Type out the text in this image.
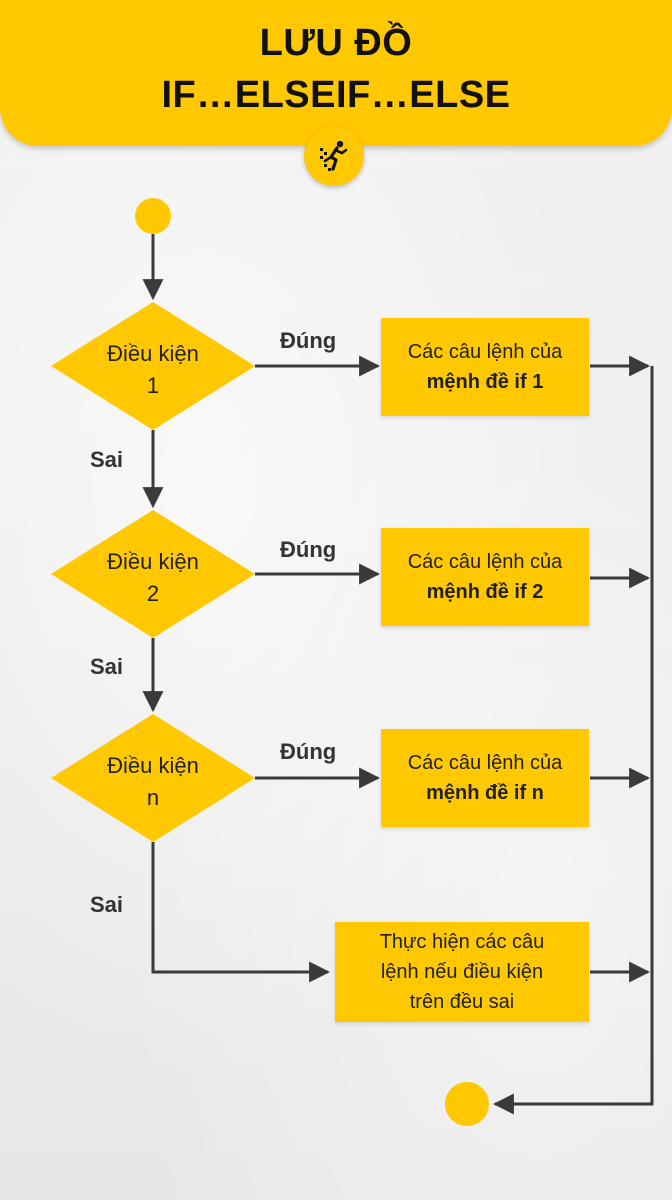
LƯU ĐỒ
IF…ELSEIF…ELSE
Điều kiện
1
Điều kiện
2
Điều kiện
n
Đúng
Đúng
Đúng
Sai
Sai
Sai
Các câu lệnh của
mệnh đề if 1
Các câu lệnh của
mệnh đề if 2
Các câu lệnh của
mệnh đề if n
Thực hiện các câu
lệnh nếu điều kiện
trên đều sai
